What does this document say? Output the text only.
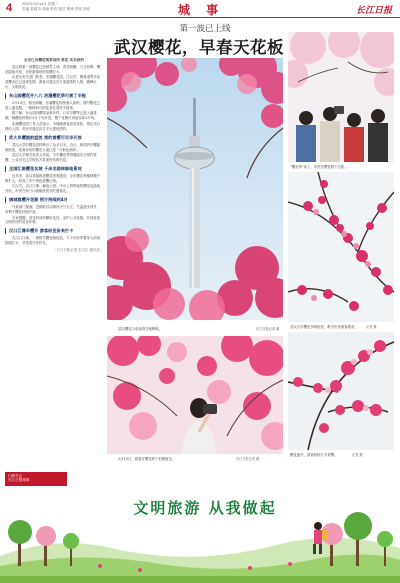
4	2023年3月14日 星期二
责编 曾娟岚 美编 张钦 版式 程涛 责校 刘佳	城 事	长江日报
第一波已上线
武汉樱花，早春天花板
全市已有樱花观赏场所 赏花 实名预约

武汉的第一波樱花已经悄然上线，春光明媚，与日同辉。樱花陆续开放，市民游客纷纷赏樱打卡。

记者从有关部门获悉，东湖樱花园、江汉关、楼林道等多处赏樱点位已迎来花期，游客可通过官方渠道预约入园，错峰出行，文明赏花。

东山园樱花开八九 浪漫樱花季可赏了半程

3月13日，阳光明媚，东湖樱花园里游人如织。园内樱花已进入盛花期，一树树粉白的花朵在春风中摇曳。

据了解，东山园内樱花品种多样，日本早樱等已进入盛花期，晚樱品种预计3月下旬开放，整个花期可持续至4月中旬。

东湖樱花园工作人员表示，为保障游客赏花体验，园区实行预约入园，市民可通过官方平台提前预约。

武大早樱提前盛放 预约赏樱可尽早开放

武汉大学的樱花同样吸引了众多目光。近日，校园内早樱陆续绽放，老斋舍前的樱花大道已是一片粉色海洋。

武汉大学相关负责人介绍，今年樱花季将继续实行预约赏樱，公众可关注学校官方渠道发布的信息。

全国汇聚樱花名城 千余名园林绿地景观

近年来，武汉持续推进樱花景观建设，全市樱花种植规模不断扩大，形成了多个特色赏樱区域。

江汉关、汉口江滩、解放公园、中山公园等地的樱花也陆续开放，市民在家门口就能欣赏到烂漫春光。

满城春樱开花期 预计持续到4月

气象部门预测，近期武汉以晴好天气为主，气温逐步回升，有利于樱花持续开放。

专家提醒，赏花时请勿攀折花枝，爱护公共设施，共同营造文明有序的赏花环境。

汉口江滩早樱开 游客纷至沓来打卡

在汉口江滩，一排排早樱竞相绽放，不少市民带着家人前来拍照打卡，享受春日好时光。

（长江日报记者 实习生 通讯员）
武汉樱花与电视塔交相辉映。	长江日报记者 摄
3月13日，游客在樱花树下拍照留念。	长江日报记者 摄
“樱花季”来了，市民在樱花树下合影。
武汉大学樱花争相绽放，吸引市民游客观赏。	记者 摄
樱花盛开，游客纷纷打卡赏樱。	记者 摄
扫码关注
长江日报城事
文明旅游 从我做起
